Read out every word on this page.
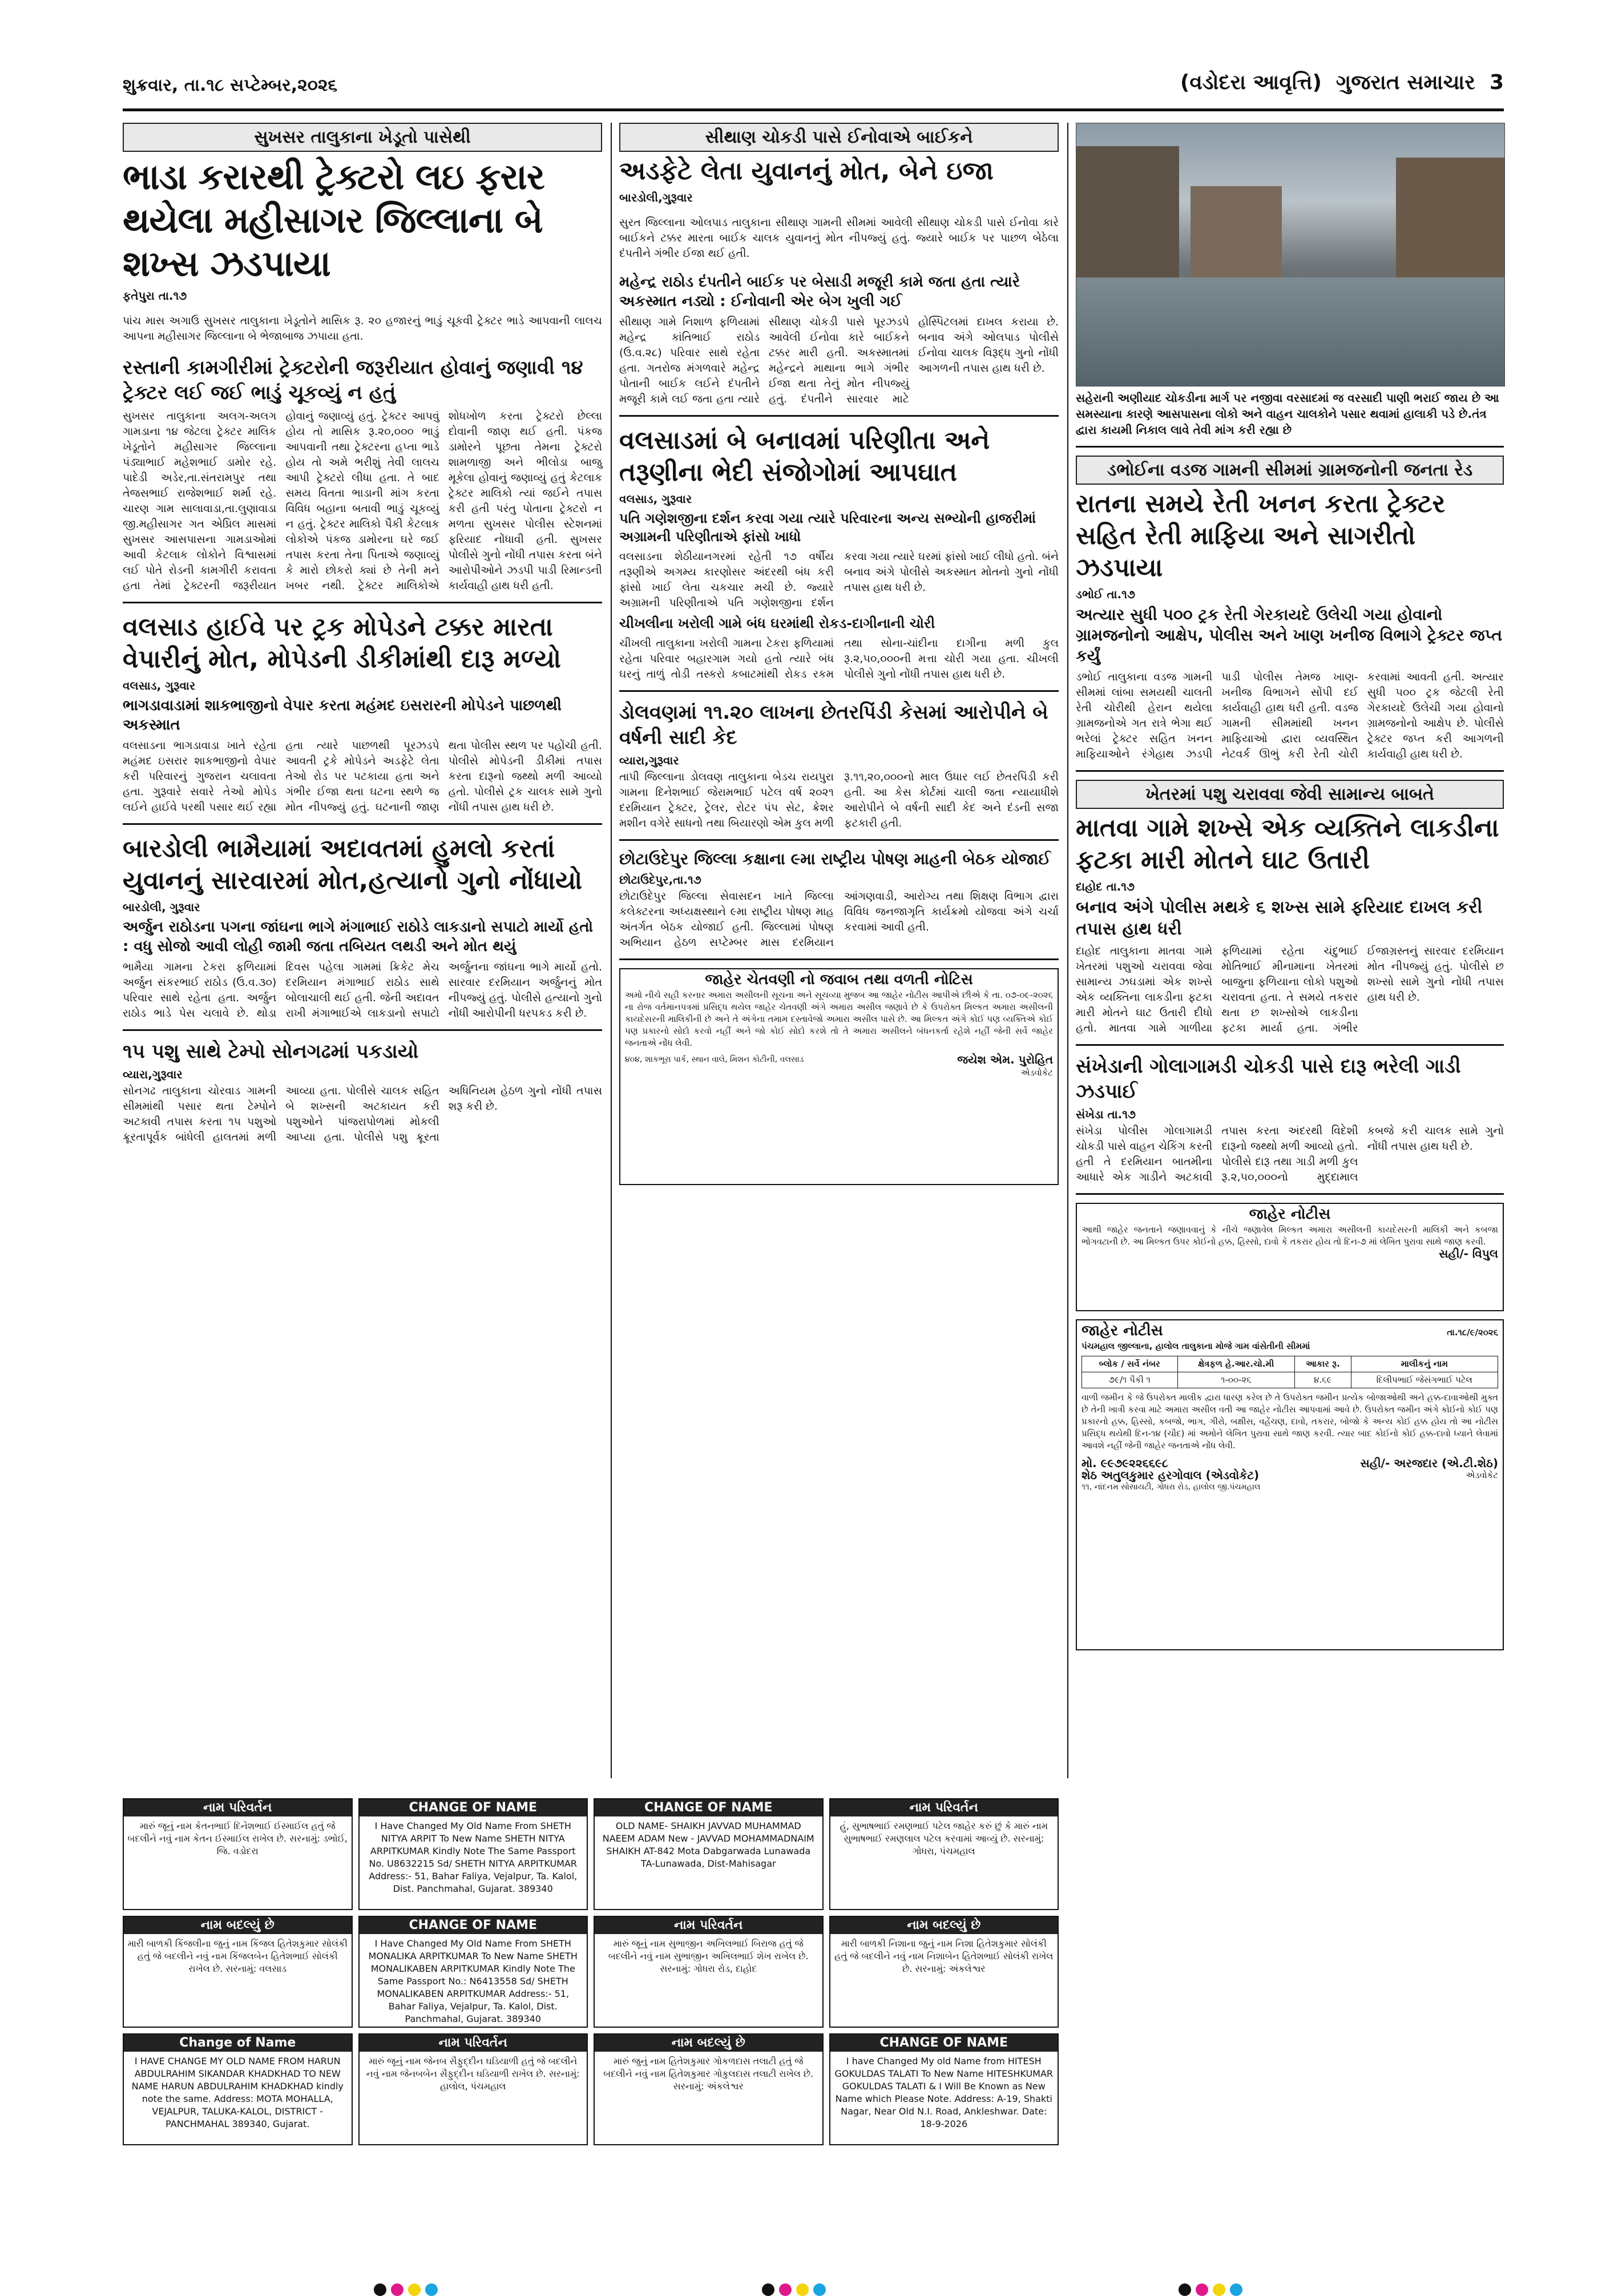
શુક્રવાર, તા.૧૮ સપ્ટેમ્બર,૨૦૨૬	(વડોદરા આવૃત્તિ) ગુજરાત સમાચાર 3
સુખસર તાલુકાના ખેડૂતો પાસેથી
ભાડા કરારથી ટ્રેક્ટરો લઇ ફરાર થયેલા મહીસાગર જિલ્લાના બે શખ્સ ઝડપાયા
ફતેપુરા તા.૧૭

પાંચ માસ અગાઉ સુખસર તાલુકાના ખેડૂતોને માસિક રૂ. ૨૦ હજારનું ભાડું ચૂકવી ટ્રેક્ટર ભાડે આપવાની લાલચ આપના મહીસાગર જિલ્લાના બે ભેજાબાજ ઝપાયા હતા.

રસ્તાની કામગીરીમાં ટ્રેક્ટરોની જરૂરીયાત હોવાનું જણાવી ૧૪ ટ્રેક્ટર લઈ જઈ ભાડું ચૂકવ્યું ન હતું
સુખસર તાલુકાના અલગ-અલગ ગામડાના ૧૪ જેટલા ટ્રેક્ટર માલિક ખેડૂતોને મહીસાગર જિલ્લાના પંડ્યાભાઈ મહેશભાઈ ડામોર રહે. પાદેડી અડેર,તા.સંતરામપુર તથા તેજસભાઈ રાજેશભાઈ શર્મા રહે. ચારણ ગામ સાલાવાડા,તા.લુણાવાડા જી.મહીસાગર ગત એપ્રિલ માસમાં સુખસર આસપાસના ગામડાઓમાં આવી કેટલાક લોકોને વિશ્વાસમાં લઈ પોતે રોડની કામગીરી કરાવતા હતા તેમાં ટ્રેક્ટરની જરૂરીયાત હોવાનું જણાવ્યું હતું. ટ્રેક્ટર આપવું હોય તો માસિક રૂ.૨૦,૦૦૦ ભાડું આપવાની તથા ટ્રેક્ટરના હપ્તા ભાડે હોય તો અમે ભરીશું તેવી લાલચ આપી ટ્રેક્ટરો લીધા હતા. તે બાદ સમય વિતતા ભાડાની માંગ કરતા વિવિધ બહાના બતાવી ભાડું ચૂકવ્યું ન હતું. ટ્રેક્ટર માલિકો પૈકી કેટલાક લોકોએ પંકજ ડામોરના ઘરે જઈ તપાસ કરતા તેના પિતાએ જણાવ્યું કે મારો છોકરો ક્યાં છે તેની મને ખબર નથી. ટ્રેક્ટર માલિકોએ શોધખોળ કરતા ટ્રેક્ટરો છેલ્લા દોવાની જાણ થઈ હતી. પંકજ ડામોરને પૂછતા તેમના ટ્રેક્ટરો શામળાજી અને ભીલોડા બાજુ મૂકેલા હોવાનું જણાવ્યું હતું કેટલાક ટ્રેક્ટર માલિકો ત્યાં જઈને તપાસ કરી હતી પરંતુ પોતાના ટ્રેક્ટરો ન મળતા સુખસર પોલીસ સ્ટેશનમાં ફરિયાદ નોંધાવી હતી. સુખસર પોલીસે ગુનો નોંધી તપાસ કરતા બંને આરોપીઓને ઝડપી પાડી રિમાન્ડની કાર્યવાહી હાથ ધરી હતી.
વલસાડ હાઈવે પર ટ્રક મોપેડને ટક્કર મારતા વેપારીનું મોત, મોપેડની ડીકીમાંથી દારૂ મળ્યો
વલસાડ, ગુરૂવાર
ભાગડાવાડામાં શાકભાજીનો વેપાર કરતા મહંમદ ઇસરારની મોપેડને પાછળથી અકસ્માત
વલસાડના ભાગડાવાડા ખાતે રહેતા મહંમદ ઇસરાર શાકભાજીનો વેપાર કરી પરિવારનું ગુજરાન ચલાવતા હતા. ગુરૂવારે સવારે તેઓ મોપેડ લઈને હાઈવે પરથી પસાર થઈ રહ્યા હતા ત્યારે પાછળથી પૂરઝડપે આવતી ટ્રકે મોપેડને અડફેટે લેતા તેઓ રોડ પર પટકાયા હતા અને ગંભીર ઈજા થતા ઘટના સ્થળે જ મોત નીપજ્યું હતું. ઘટનાની જાણ થતા પોલીસ સ્થળ પર પહોંચી હતી. પોલીસે મોપેડની ડીકીમાં તપાસ કરતા દારૂનો જથ્થો મળી આવ્યો હતો. પોલીસે ટ્રક ચાલક સામે ગુનો નોંધી તપાસ હાથ ધરી છે.
બારડોલી ભામૈયામાં અદાવતમાં હુમલો કરતાં યુવાનનું સારવારમાં મોત,હત્યાનો ગુનો નોંધાયો
બારડોલી, ગુરૂવાર
અર્જુન રાઠોડના પગના જાંઘના ભાગે મંગાભાઈ રાઠોડે લાકડાનો સપાટો માર્યો હતો : વધુ સોજો આવી લોહી જામી જતા તબિયત લથડી અને મોત થયું
ભામૈયા ગામના ટેકરા ફળિયામાં અર્જુન સંકરભાઈ રાઠોડ (ઉ.વ.૩૦) પરિવાર સાથે રહેતા હતા. અર્જુન રાઠોડ ભાડે પેસ ચલાવે છે. થોડા દિવસ પહેલા ગામમાં ક્રિકેટ મેચ દરમિયાન મંગાભાઈ રાઠોડ સાથે બોલાચાલી થઈ હતી. જેની અદાવત રાખી મંગાભાઈએ લાકડાનો સપાટો અર્જુનના જાંઘના ભાગે માર્યો હતો. સારવાર દરમિયાન અર્જુનનું મોત નીપજ્યું હતું. પોલીસે હત્યાનો ગુનો નોંધી આરોપીની ધરપકડ કરી છે.
૧૫ પશુ સાથે ટેમ્પો સોનગઢમાં પકડાયો
વ્યારા,ગુરૂવાર
સોનગઢ તાલુકાના ચોરવાડ ગામની સીમમાંથી પસાર થતા ટેમ્પોને અટકાવી તપાસ કરતા ૧૫ પશુઓ ક્રૂરતાપૂર્વક બાંધેલી હાલતમાં મળી આવ્યા હતા. પોલીસે ચાલક સહિત બે શખ્સની અટકાયત કરી પશુઓને પાંજરાપોળમાં મોકલી આપ્યા હતા. પોલીસે પશુ ક્રૂરતા અધિનિયમ હેઠળ ગુનો નોંધી તપાસ શરૂ કરી છે.
સીથાણ ચોકડી પાસે ઈનોવાએ બાઈકને
અડફેટે લેતા યુવાનનું મોત, બેને ઇજા
બારડોલી,ગુરૂવાર

સુરત જિલ્લાના ઓલપાડ તાલુકાના સીથાણ ગામની સીમમાં આવેલી સીથાણ ચોકડી પાસે ઈનોવા કારે બાઈકને ટક્કર મારતા બાઈક ચાલક યુવાનનું મોત નીપજ્યું હતું. જ્યારે બાઈક પર પાછળ બેઠેલા દંપતીને ગંભીર ઈજા થઈ હતી.

મહેન્દ્ર રાઠોડ દંપતીને બાઈક પર બેસાડી મજૂરી કામે જતા હતા ત્યારે અકસ્માત નડ્યો : ઈનોવાની એર બેગ ખુલી ગઈ
સીથાણ ગામે નિશાળ ફળિયામાં મહેન્દ્ર કાંતિભાઈ રાઠોડ (ઉ.વ.૨૮) પરિવાર સાથે રહેતા હતા. ગતરોજ મંગળવારે મહેન્દ્ર પોતાની બાઈક લઈને દંપતીને મજૂરી કામે લઈ જતા હતા ત્યારે સીથાણ ચોકડી પાસે પૂરઝડપે આવેલી ઈનોવા કારે બાઈકને ટક્કર મારી હતી. અકસ્માતમાં મહેન્દ્રને માથાના ભાગે ગંભીર ઈજા થતા તેનું મોત નીપજ્યું હતું. દંપતીને સારવાર માટે હોસ્પિટલમાં દાખલ કરાયા છે. બનાવ અંગે ઓલપાડ પોલીસે ઈનોવા ચાલક વિરૂદ્ધ ગુનો નોંધી આગળની તપાસ હાથ ધરી છે.
વલસાડમાં બે બનાવમાં પરિણીતા અને તરૂણીના ભેદી સંજોગોમાં આપઘાત
વલસાડ, ગુરૂવાર
પતિ ગણેશજીના દર્શન કરવા ગયા ત્યારે પરિવારના અન્ય સભ્યોની હાજરીમાં અગ્રામની પરિણીતાએ ફાંસો ખાધો
વલસાડના શેઠીયાનગરમાં રહેતી ૧૭ વર્ષીય તરૂણીએ અગમ્ય કારણોસર અંદરથી બંધ કરી ફાંસો ખાઈ લેતા ચકચાર મચી છે. જ્યારે અગ્રામની પરિણીતાએ પતિ ગણેશજીના દર્શન કરવા ગયા ત્યારે ઘરમાં ફાંસો ખાઈ લીધો હતો. બંને બનાવ અંગે પોલીસે અકસ્માત મોતનો ગુનો નોંધી તપાસ હાથ ધરી છે.
ચીખલીના ખરોલી ગામે બંધ ઘરમાંથી રોકડ-દાગીનાની ચોરી
ચીખલી તાલુકાના ખરોલી ગામના ટેકરા ફળિયામાં રહેતા પરિવાર બહારગામ ગયો હતો ત્યારે બંધ ઘરનું તાળું તોડી તસ્કરો કબાટમાંથી રોકડ રકમ તથા સોના-ચાંદીના દાગીના મળી કુલ રૂ.૨,૫૦,૦૦૦ની મત્તા ચોરી ગયા હતા. ચીખલી પોલીસે ગુનો નોંધી તપાસ હાથ ધરી છે.
ડોલવણમાં ૧૧.૨૦ લાખના છેતરપિંડી કેસમાં આરોપીને બે વર્ષની સાદી કેદ
વ્યારા,ગુરૂવાર
તાપી જિલ્લાના ડોલવણ તાલુકાના બેડચ રાયપુરા ગામના દિનેશભાઈ જેરામભાઈ પટેલ વર્ષ ૨૦૨૧ દરમિયાન ટ્રેક્ટર, ટ્રેલર, રોટર પંપ સેટ, ક્રેશર મશીન વગેરે સાધનો તથા બિયારણો એમ કુલ મળી રૂ.૧૧,૨૦,૦૦૦નો માલ ઉધાર લઈ છેતરપિંડી કરી હતી. આ કેસ કોર્ટમાં ચાલી જતા ન્યાયાધીશે આરોપીને બે વર્ષની સાદી કેદ અને દંડની સજા ફટકારી હતી.
છોટાઉદેપુર જિલ્લા કક્ષાના ૯મા રાષ્ટ્રીય પોષણ માહની બેઠક યોજાઈ
છોટાઉદેપુર,તા.૧૭
છોટાઉદેપુર જિલ્લા સેવાસદન ખાતે જિલ્લા કલેક્ટરના અધ્યક્ષસ્થાને ૯મા રાષ્ટ્રીય પોષણ માહ અંતર્ગત બેઠક યોજાઈ હતી. જિલ્લામાં પોષણ અભિયાન હેઠળ સપ્ટેમ્બર માસ દરમિયાન આંગણવાડી, આરોગ્ય તથા શિક્ષણ વિભાગ દ્વારા વિવિધ જનજાગૃતિ કાર્યક્રમો યોજવા અંગે ચર્ચા કરવામાં આવી હતી.
જાહેર ચેતવણી નો જવાબ તથા વળતી નોટિસ
અમો નીચે સહી કરનાર અમારા અસીલની સૂચના અને સૂચવ્યા મુજબ આ જાહેર નોટીસ આપીએ છીએ કે તા. ૦૭-૦૯-૨૦૨૬ ના રોજ વર્તમાનપત્રમાં પ્રસિદ્ધ થયેલ જાહેર ચેતવણી અંગે અમારા અસીલ જણાવે છે કે ઉપરોક્ત મિલ્કત અમારા અસીલની કાયદેસરની માલિકીની છે અને તે અંગેના તમામ દસ્તાવેજો અમારા અસીલ પાસે છે. આ મિલ્કત અંગે કોઈ પણ વ્યક્તિએ કોઈ પણ પ્રકારનો સોદો કરવો નહીં અને જો કોઈ સોદો કરશે તો તે અમારા અસીલને બંધનકર્તા રહેશે નહીં જેની સર્વે જાહેર જનતાએ નોંધ લેવી.
૪૦૪, શાકભૂરા પાર્ક, સ્થાન વાલે, મિશન કોટીની, વલસાડ	જયેશ એમ. પુરોહિત
એડવોકેટ
સહેરાની અણીયાદ ચોકડીના માર્ગ પર નજીવા વરસાદમાં જ વરસાદી પાણી ભરાઈ જાય છે આ સમસ્યાના કારણે આસપાસના લોકો અને વાહન ચાલકોને પસાર થવામાં હાલાકી પડે છે.તંત્ર દ્વારા કાયમી નિકાલ લાવે તેવી માંગ કરી રહ્યા છે
ડભોઈના વડજ ગામની સીમમાં ગ્રામજનોની જનતા રેડ
રાતના સમયે રેતી ખનન કરતા ટ્રેક્ટર સહિત રેતી માફિયા અને સાગરીતો ઝડપાયા
ડભોઈ તા.૧૭
અત્યાર સુધી ૫૦૦ ટ્રક રેતી ગેરકાયદે ઉલેચી ગયા હોવાનો ગ્રામજનોનો આક્ષેપ, પોલીસ અને ખાણ ખનીજ વિભાગે ટ્રેક્ટર જપ્ત કર્યું
ડભોઈ તાલુકાના વડજ ગામની સીમમાં લાંબા સમયથી ચાલતી રેતી ચોરીથી હેરાન થયેલા ગ્રામજનોએ ગત રાત્રે ભેગા થઈ ભરેલાં ટ્રેક્ટર સહિત ખનન માફિયાઓને રંગેહાથ ઝડપી પાડી પોલીસ તેમજ ખાણ-ખનીજ વિભાગને સોંપી દઈ કાર્યવાહી હાથ ધરી હતી. વડજ ગામની સીમમાંથી ખનન માફિયાઓ દ્વારા વ્યવસ્થિત નેટવર્ક ઊભું કરી રેતી ચોરી કરવામાં આવતી હતી. અત્યાર સુધી ૫૦૦ ટ્રક જેટલી રેતી ગેરકાયદે ઉલેચી ગયા હોવાનો ગ્રામજનોનો આક્ષેપ છે. પોલીસે ટ્રેક્ટર જપ્ત કરી આગળની કાર્યવાહી હાથ ધરી છે.
ખેતરમાં પશુ ચરાવવા જેવી સામાન્ય બાબતે
માતવા ગામે શખ્સે એક વ્યક્તિને લાકડીના ફટકા મારી મોતને ઘાટ ઉતારી
દાહોદ તા.૧૭
બનાવ અંગે પોલીસ મથકે ૬ શખ્સ સામે ફરિયાદ દાખલ કરી તપાસ હાથ ધરી
દાહોદ તાલુકાના માતવા ગામે ખેતરમાં પશુઓ ચરાવવા જેવા સામાન્ય ઝઘડામાં એક શખ્સે એક વ્યક્તિના લાકડીના ફટકા મારી મોતને ઘાટ ઉતારી દીધો હતો. માતવા ગામે ગાળીયા ફળિયામાં રહેતા ચંદુભાઈ મોતિભાઈ મીનામાના ખેતરમાં બાજુના ફળિયાના લોકો પશુઓ ચરાવતા હતા. તે સમયે તકરાર થતા છ શખ્સોએ લાકડીના ફટકા માર્યા હતા. ગંભીર ઈજાગ્રસ્તનું સારવાર દરમિયાન મોત નીપજ્યું હતું. પોલીસે છ શખ્સો સામે ગુનો નોંધી તપાસ હાથ ધરી છે.
સંખેડાની ગોલાગામડી ચોકડી પાસે દારૂ ભરેલી ગાડી ઝડપાઈ
સંખેડા તા.૧૭
સંખેડા પોલીસ ગોલાગામડી ચોકડી પાસે વાહન ચેકિંગ કરતી હતી તે દરમિયાન બાતમીના આધારે એક ગાડીને અટકાવી તપાસ કરતા અંદરથી વિદેશી દારૂનો જથ્થો મળી આવ્યો હતો. પોલીસે દારૂ તથા ગાડી મળી કુલ રૂ.૨,૫૦,૦૦૦નો મુદ્દામાલ કબજે કરી ચાલક સામે ગુનો નોંધી તપાસ હાથ ધરી છે.
જાહેર નોટીસ
આથી જાહેર જનતાને જણાવવાનું કે નીચે જણાવેલ મિલ્કત અમારા અસીલની કાયદેસરની માલિકી અને કબજા ભોગવટાની છે. આ મિલ્કત ઉપર કોઈનો હક્ક, હિસ્સો, દાવો કે તકરાર હોય તો દિન-૭ માં લેખિત પુરાવા સાથે જાણ કરવી.
સહી/- વિપુલ
જાહેર નોટીસ	તા.૧૮/૯/૨૦૨૬
પંચમહાલ જીલ્લાના, હાલોલ તાલુકાના મોજે ગામ વાંસેતીની સીમમાં
બ્લોક / સર્વે નંબર	ક્ષેત્રફળ હે.આર.ચો.મી	આકાર રૂ.	માલીકનું નામ
૭૯/૧ પૈકી ૧	૧-૦૦-૨૬	૪.૬૯	દિલીપભાઈ જેસંગભાઈ પટેલ
વાળી જમીન કે જે ઉપરોક્ત માલીક દ્વારા ધારણ કરેલ છે તે ઉપરોક્ત જમીન પ્રત્યેક બોજાઓથી અને હક્ક-દાવાઓથી મુક્ત છે તેની ખાત્રી કરવા માટે અમારા અસીલ વતી આ જાહેર નોટીસ આપવામાં આવે છે. ઉપરોક્ત જમીન અંગે કોઈનો કોઈ પણ પ્રકારનો હક્ક, હિસ્સો, કબજો, ભાગ, ગીરો, બક્ષીસ, વહેંચણ, દાવો, તકરાર, બોજો કે અન્ય કોઈ હક્ક હોય તો આ નોટીસ પ્રસિદ્ધ થયેથી દિન-૧૪ (ચૌદ) માં અમોને લેખિત પુરાવા સાથે જાણ કરવી. ત્યાર બાદ કોઈનો કોઈ હક્ક-દાવો ધ્યાને લેવામાં આવશે નહીં જેની જાહેર જનતાએ નોંધ લેવી.
મો. ૯૯૭૯૨૨૬૬૯૮
શેઠ અતુલકુમાર હરગોવાલ (એડવોકેટ)
૧૧, નાંદનમ સોસાયટી, ગોધરા રોડ, હાલોલ જી.પંચમહાલ
સહી/- અરજદાર (એ.ટી.શેઠ)
એડવોકેટ
નામ પરિવર્તન
મારું જૂનું નામ કેતનભાઈ દિનેશભાઈ ઈસ્માઈલ હતું જે બદલીને નવું નામ કેતન ઈસ્માઈલ રાખેલ છે. સરનામું: ડભોઈ, જિ. વડોદરા
CHANGE OF NAME
I Have Changed My Old Name From SHETH NITYA ARPIT To New Name SHETH NITYA ARPITKUMAR Kindly Note The Same Passport No. U8632215 Sd/ SHETH NITYA ARPITKUMAR Address:- 51, Bahar Faliya, Vejalpur, Ta. Kalol, Dist. Panchmahal, Gujarat. 389340
CHANGE OF NAME
OLD NAME- SHAIKH JAVVAD MUHAMMAD NAEEM ADAM New - JAVVAD MOHAMMADNAIM SHAIKH AT-842 Mota Dabgarwada Lunawada TA-Lunawada, Dist-Mahisagar
નામ પરિવર્તન
હું, સુભાષભાઈ રમણભાઈ પટેલ જાહેર કરું છું કે મારું નામ સુભાષભાઈ રમણલાલ પટેલ કરવામાં આવ્યું છે. સરનામું: ગોધરા, પંચમહાલ
નામ બદલ્યું છે
મારી બાળકી કિંજલીના જુનું નામ કિંજલ હિતેશકુમાર સોલંકી હતું જે બદલીને નવું નામ કિંજલબેન હિતેશભાઈ સોલંકી રાખેલ છે. સરનામું: વલસાડ
CHANGE OF NAME
I Have Changed My Old Name From SHETH MONALIKA ARPITKUMAR To New Name SHETH MONALIKABEN ARPITKUMAR Kindly Note The Same Passport No.: N6413558 Sd/ SHETH MONALIKABEN ARPITKUMAR Address:- 51, Bahar Faliya, Vejalpur, Ta. Kalol, Dist. Panchmahal, Gujarat. 389340
નામ પરિવર્તન
મારું જૂનું નામ સુભાજીન અખિલભાઈ બિરાજ હતું જે બદલીને નવું નામ સુભાજીન અખિલભાઈ શેખ રાખેલ છે. સરનામું: ગોધરા રોડ, દાહોદ
નામ બદલ્યું છે
મારી બાળકી નિશાના જુનું નામ નિશા હિતેશકુમાર સોલંકી હતું જે બદલીને નવું નામ નિશાબેન હિતેશભાઈ સોલંકી રાખેલ છે. સરનામું: અંકલેશ્વર
Change of Name
I HAVE CHANGE MY OLD NAME FROM HARUN ABDULRAHIM SIKANDAR KHADKHAD TO NEW NAME HARUN ABDULRAHIM KHADKHAD kindly note the same. Address: MOTA MOHALLA, VEJALPUR, TALUKA-KALOL, DISTRICT - PANCHMAHAL 389340, Gujarat.
નામ પરિવર્તન
મારું જૂનું નામ જેનબ સૈફુદ્દીન ઘડિયાળી હતું જે બદલીને નવું નામ જેનબબેન સૈફુદ્દીન ઘડિયાળી રાખેલ છે. સરનામું: હાલોલ, પંચમહાલ
નામ બદલ્યું છે
મારું જુનું નામ હિતેશકુમાર ગોકળદાસ તલાટી હતું જે બદલીને નવું નામ હિતેશકુમાર ગોકુલદાસ તલાટી રાખેલ છે. સરનામું: અંકલેશ્વર
CHANGE OF NAME
I have Changed My old Name from HITESH GOKULDAS TALATI To New Name HITESHKUMAR GOKULDAS TALATI & I Will Be Known as New Name which Please Note. Address: A-19, Shakti Nagar, Near Old N.I. Road, Ankleshwar. Date: 18-9-2026
